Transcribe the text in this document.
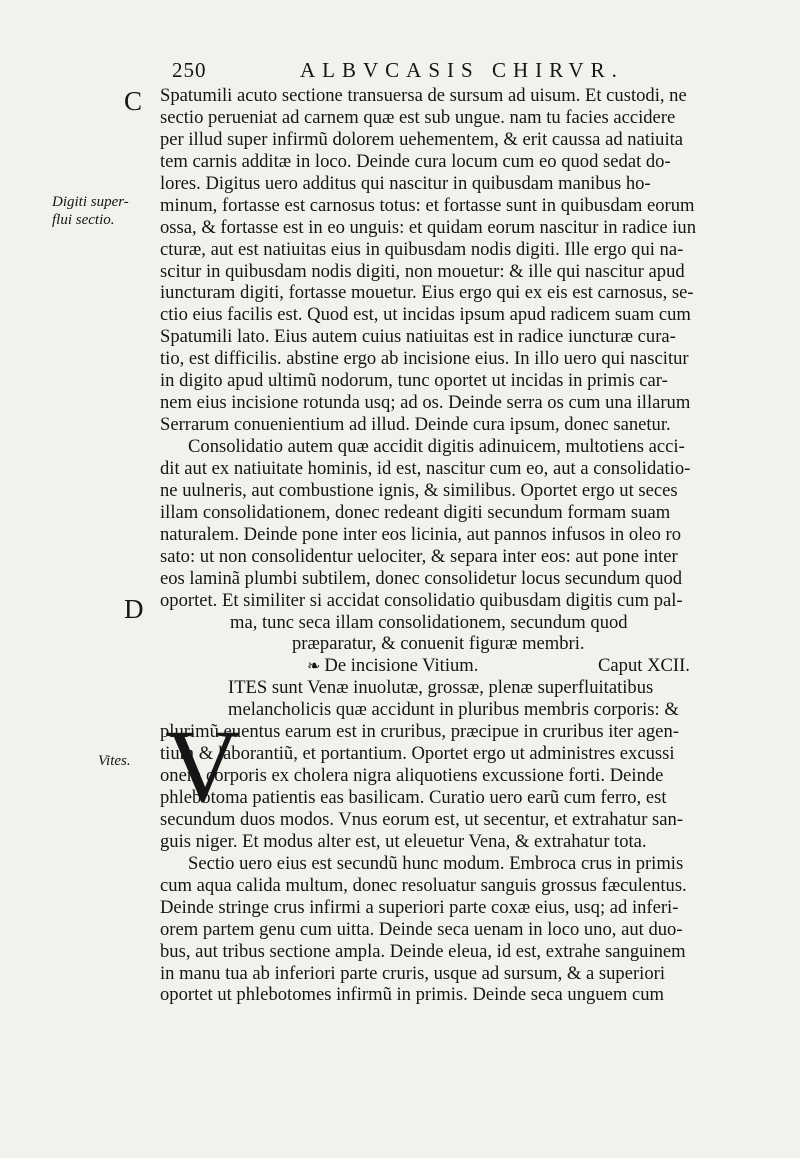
250	ALBVCASIS CHIRVR.
C
D
Digiti super-
flui sectio.
Vites.
Spatumili acuto sectione transuersa de sursum ad uisum. Et custodi, ne
sectio perueniat ad carnem quæ est sub ungue. nam tu facies accidere
per illud super infirmũ dolorem uehementem, & erit caussa ad natiuita
tem carnis additæ in loco. Deinde cura locum cum eo quod sedat do-
lores. Digitus uero additus qui nascitur in quibusdam manibus ho-
minum, fortasse est carnosus totus: et fortasse sunt in quibusdam eorum
ossa, & fortasse est in eo unguis: et quidam eorum nascitur in radice iun
cturæ, aut est natiuitas eius in quibusdam nodis digiti. Ille ergo qui na-
scitur in quibusdam nodis digiti, non mouetur: & ille qui nascitur apud
iuncturam digiti, fortasse mouetur. Eius ergo qui ex eis est carnosus, se-
ctio eius facilis est. Quod est, ut incidas ipsum apud radicem suam cum
Spatumili lato. Eius autem cuius natiuitas est in radice iuncturæ cura-
tio, est difficilis. abstine ergo ab incisione eius. In illo uero qui nascitur
in digito apud ultimũ nodorum, tunc oportet ut incidas in primis car-
nem eius incisione rotunda usq; ad os. Deinde serra os cum una illarum
Serrarum conuenientium ad illud. Deinde cura ipsum, donec sanetur.
Consolidatio autem quæ accidit digitis adinuicem, multotiens acci-
dit aut ex natiuitate hominis, id est, nascitur cum eo, aut a consolidatio-
ne uulneris, aut combustione ignis, & similibus. Oportet ergo ut seces
illam consolidationem, donec redeant digiti secundum formam suam
naturalem. Deinde pone inter eos licinia, aut pannos infusos in oleo ro
sato: ut non consolidentur uelociter, & separa inter eos: aut pone inter
eos laminã plumbi subtilem, donec consolidetur locus secundum quod
oportet. Et similiter si accidat consolidatio quibusdam digitis cum pal-
ma, tunc seca illam consolidationem, secundum quod
præparatur, & conuenit figuræ membri.
❧ De incisione Vitium.	Caput XCII.
ITES sunt Venæ inuolutæ, grossæ, plenæ superfluitatibus
melancholicis quæ accidunt in pluribus membris corporis: &
plurimũ euentus earum est in cruribus, præcipue in cruribus iter agen-
tium & laborantiũ, et portantium. Oportet ergo ut administres excussi
onem corporis ex cholera nigra aliquotiens excussione forti. Deinde
phlebotoma patientis eas basilicam. Curatio uero earũ cum ferro, est
secundum duos modos. Vnus eorum est, ut secentur, et extrahatur san-
guis niger. Et modus alter est, ut eleuetur Vena, & extrahatur tota.
Sectio uero eius est secundũ hunc modum. Embroca crus in primis
cum aqua calida multum, donec resoluatur sanguis grossus fæculentus.
Deinde stringe crus infirmi a superiori parte coxæ eius, usq; ad inferi-
orem partem genu cum uitta. Deinde seca uenam in loco uno, aut duo-
bus, aut tribus sectione ampla. Deinde eleua, id est, extrahe sanguinem
in manu tua ab inferiori parte cruris, usque ad sursum, & a superiori
oportet ut phlebotomes infirmũ in primis. Deinde seca unguem cum
V
